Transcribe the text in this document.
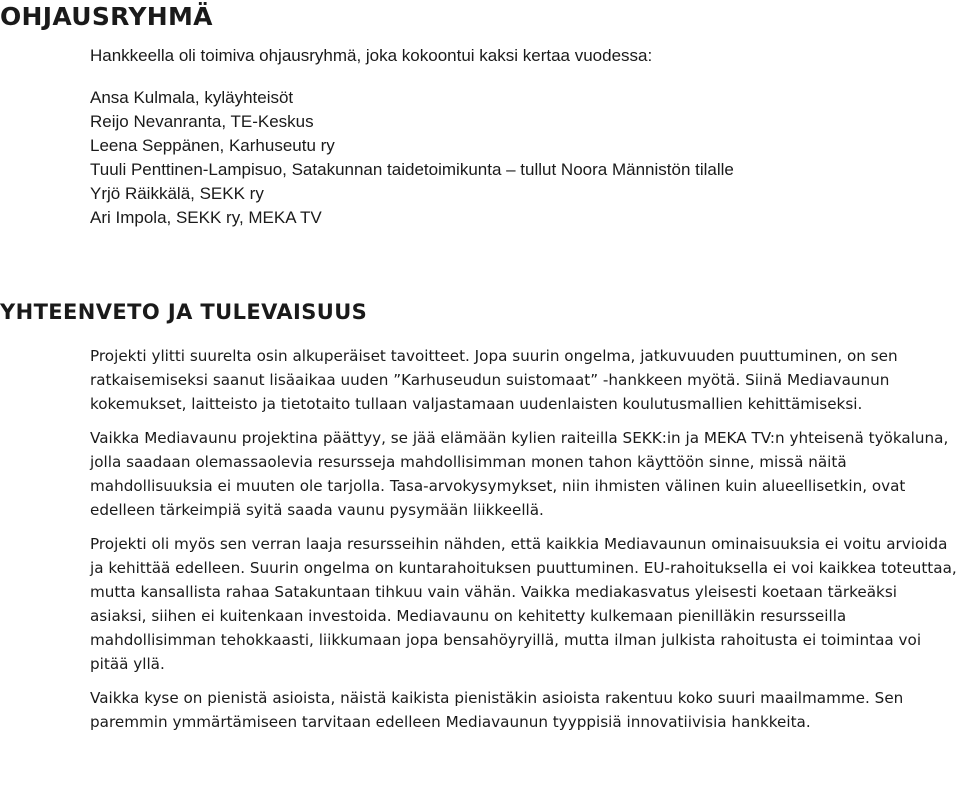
OHJAUSRYHMÄ

Hankkeella oli toimiva ohjausryhmä, joka kokoontui kaksi kertaa vuodessa:

Ansa Kulmala, kyläyhteisöt
Reijo Nevanranta, TE-Keskus
Leena Seppänen, Karhuseutu ry
Tuuli Penttinen-Lampisuo, Satakunnan taidetoimikunta – tullut Noora Männistön tilalle
Yrjö Räikkälä, SEKK ry
Ari Impola, SEKK ry, MEKA TV
YHTEENVETO JA TULEVAISUUS

Projekti ylitti suurelta osin alkuperäiset tavoitteet. Jopa suurin ongelma, jatkuvuuden puuttuminen, on sen ratkaisemiseksi saanut lisäaikaa uuden ”Karhuseudun suistomaat” -hankkeen myötä. Siinä Mediavaunun kokemukset, laitteisto ja tietotaito tullaan valjastamaan uudenlaisten koulutusmallien kehittämiseksi.

Vaikka Mediavaunu projektina päättyy, se jää elämään kylien raiteilla SEKK:in ja MEKA TV:n yhteisenä työkaluna, jolla saadaan olemassaolevia resursseja mahdollisimman monen tahon käyttöön sinne, missä näitä mahdollisuuksia ei muuten ole tarjolla. Tasa-arvokysymykset, niin ihmisten välinen kuin alueellisetkin, ovat edelleen tärkeimpiä syitä saada vaunu pysymään liikkeellä.

Projekti oli myös sen verran laaja resursseihin nähden, että kaikkia Mediavaunun ominaisuuksia ei voitu arvioida ja kehittää edelleen. Suurin ongelma on kuntarahoituksen puuttuminen. EU-rahoituksella ei voi kaikkea toteuttaa, mutta kansallista rahaa Satakuntaan tihkuu vain vähän. Vaikka mediakasvatus yleisesti koetaan tärkeäksi asiaksi, siihen ei kuitenkaan investoida. Mediavaunu on kehitetty kulkemaan pienilläkin resursseilla mahdollisimman tehokkaasti, liikkumaan jopa bensahöyryillä, mutta ilman julkista rahoitusta ei toimintaa voi pitää yllä.

Vaikka kyse on pienistä asioista, näistä kaikista pienistäkin asioista rakentuu koko suuri maailmamme. Sen paremmin ymmärtämiseen tarvitaan edelleen Mediavaunun tyyppisiä innovatiivisia hankkeita.
